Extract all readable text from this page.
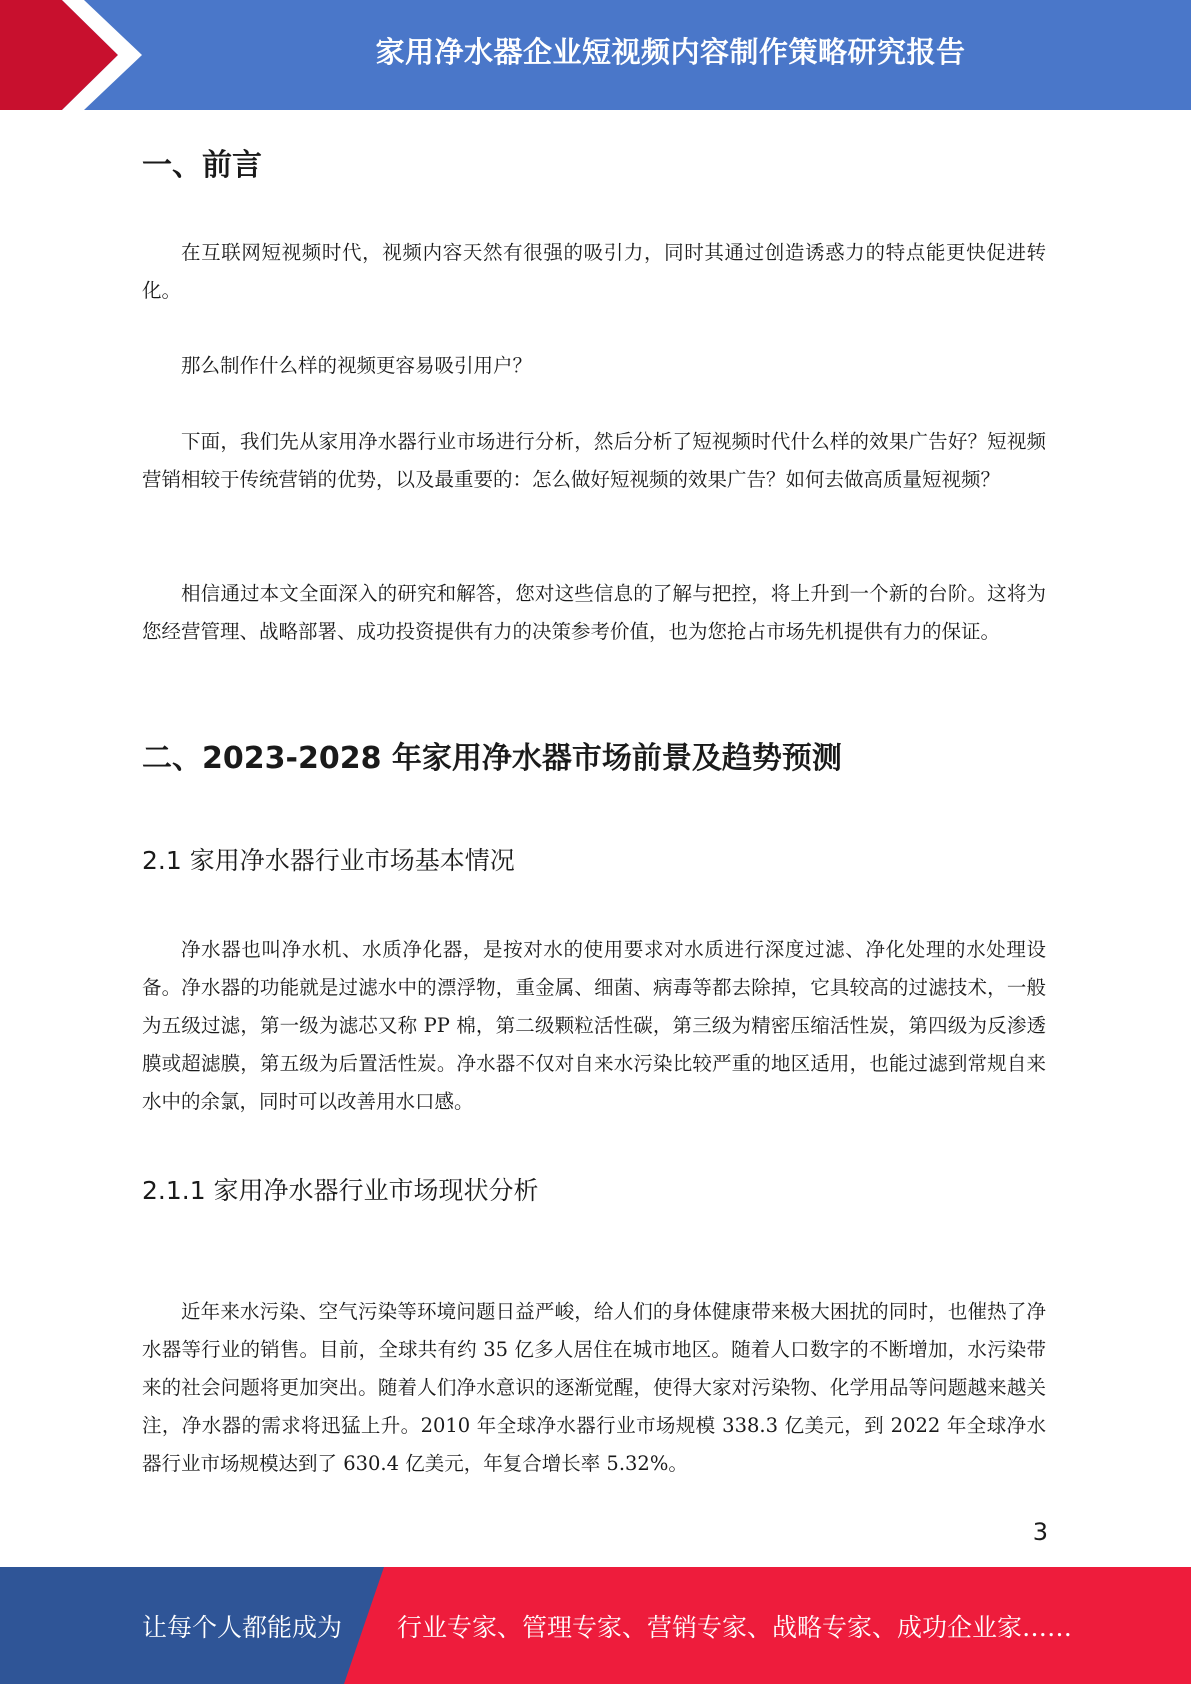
家用净水器企业短视频内容制作策略研究报告
一、前言

在互联网短视频时代，视频内容天然有很强的吸引力，同时其通过创造诱惑力的特点能更快促进转化。

那么制作什么样的视频更容易吸引用户？

下面，我们先从家用净水器行业市场进行分析，然后分析了短视频时代什么样的效果广告好？短视频营销相较于传统营销的优势，以及最重要的：怎么做好短视频的效果广告？如何去做高质量短视频？

相信通过本文全面深入的研究和解答，您对这些信息的了解与把控，将上升到一个新的台阶。这将为您经营管理、战略部署、成功投资提供有力的决策参考价值，也为您抢占市场先机提供有力的保证。

二、2023-2028 年家用净水器市场前景及趋势预测
2.1 家用净水器行业市场基本情况

净水器也叫净水机、水质净化器，是按对水的使用要求对水质进行深度过滤、净化处理的水处理设备。净水器的功能就是过滤水中的漂浮物，重金属、细菌、病毒等都去除掉，它具较高的过滤技术，一般为五级过滤，第一级为滤芯又称 PP 棉，第二级颗粒活性碳，第三级为精密压缩活性炭，第四级为反渗透膜或超滤膜，第五级为后置活性炭。净水器不仅对自来水污染比较严重的地区适用，也能过滤到常规自来水中的余氯，同时可以改善用水口感。

2.1.1 家用净水器行业市场现状分析

近年来水污染、空气污染等环境问题日益严峻，给人们的身体健康带来极大困扰的同时，也催热了净水器等行业的销售。目前，全球共有约 35 亿多人居住在城市地区。随着人口数字的不断增加，水污染带来的社会问题将更加突出。随着人们净水意识的逐渐觉醒，使得大家对污染物、化学用品等问题越来越关注，净水器的需求将迅猛上升。2010 年全球净水器行业市场规模 338.3 亿美元，到 2022 年全球净水器行业市场规模达到了 630.4 亿美元，年复合增长率 5.32%。

3
让每个人都能成为 行业专家、管理专家、营销专家、战略专家、成功企业家……
